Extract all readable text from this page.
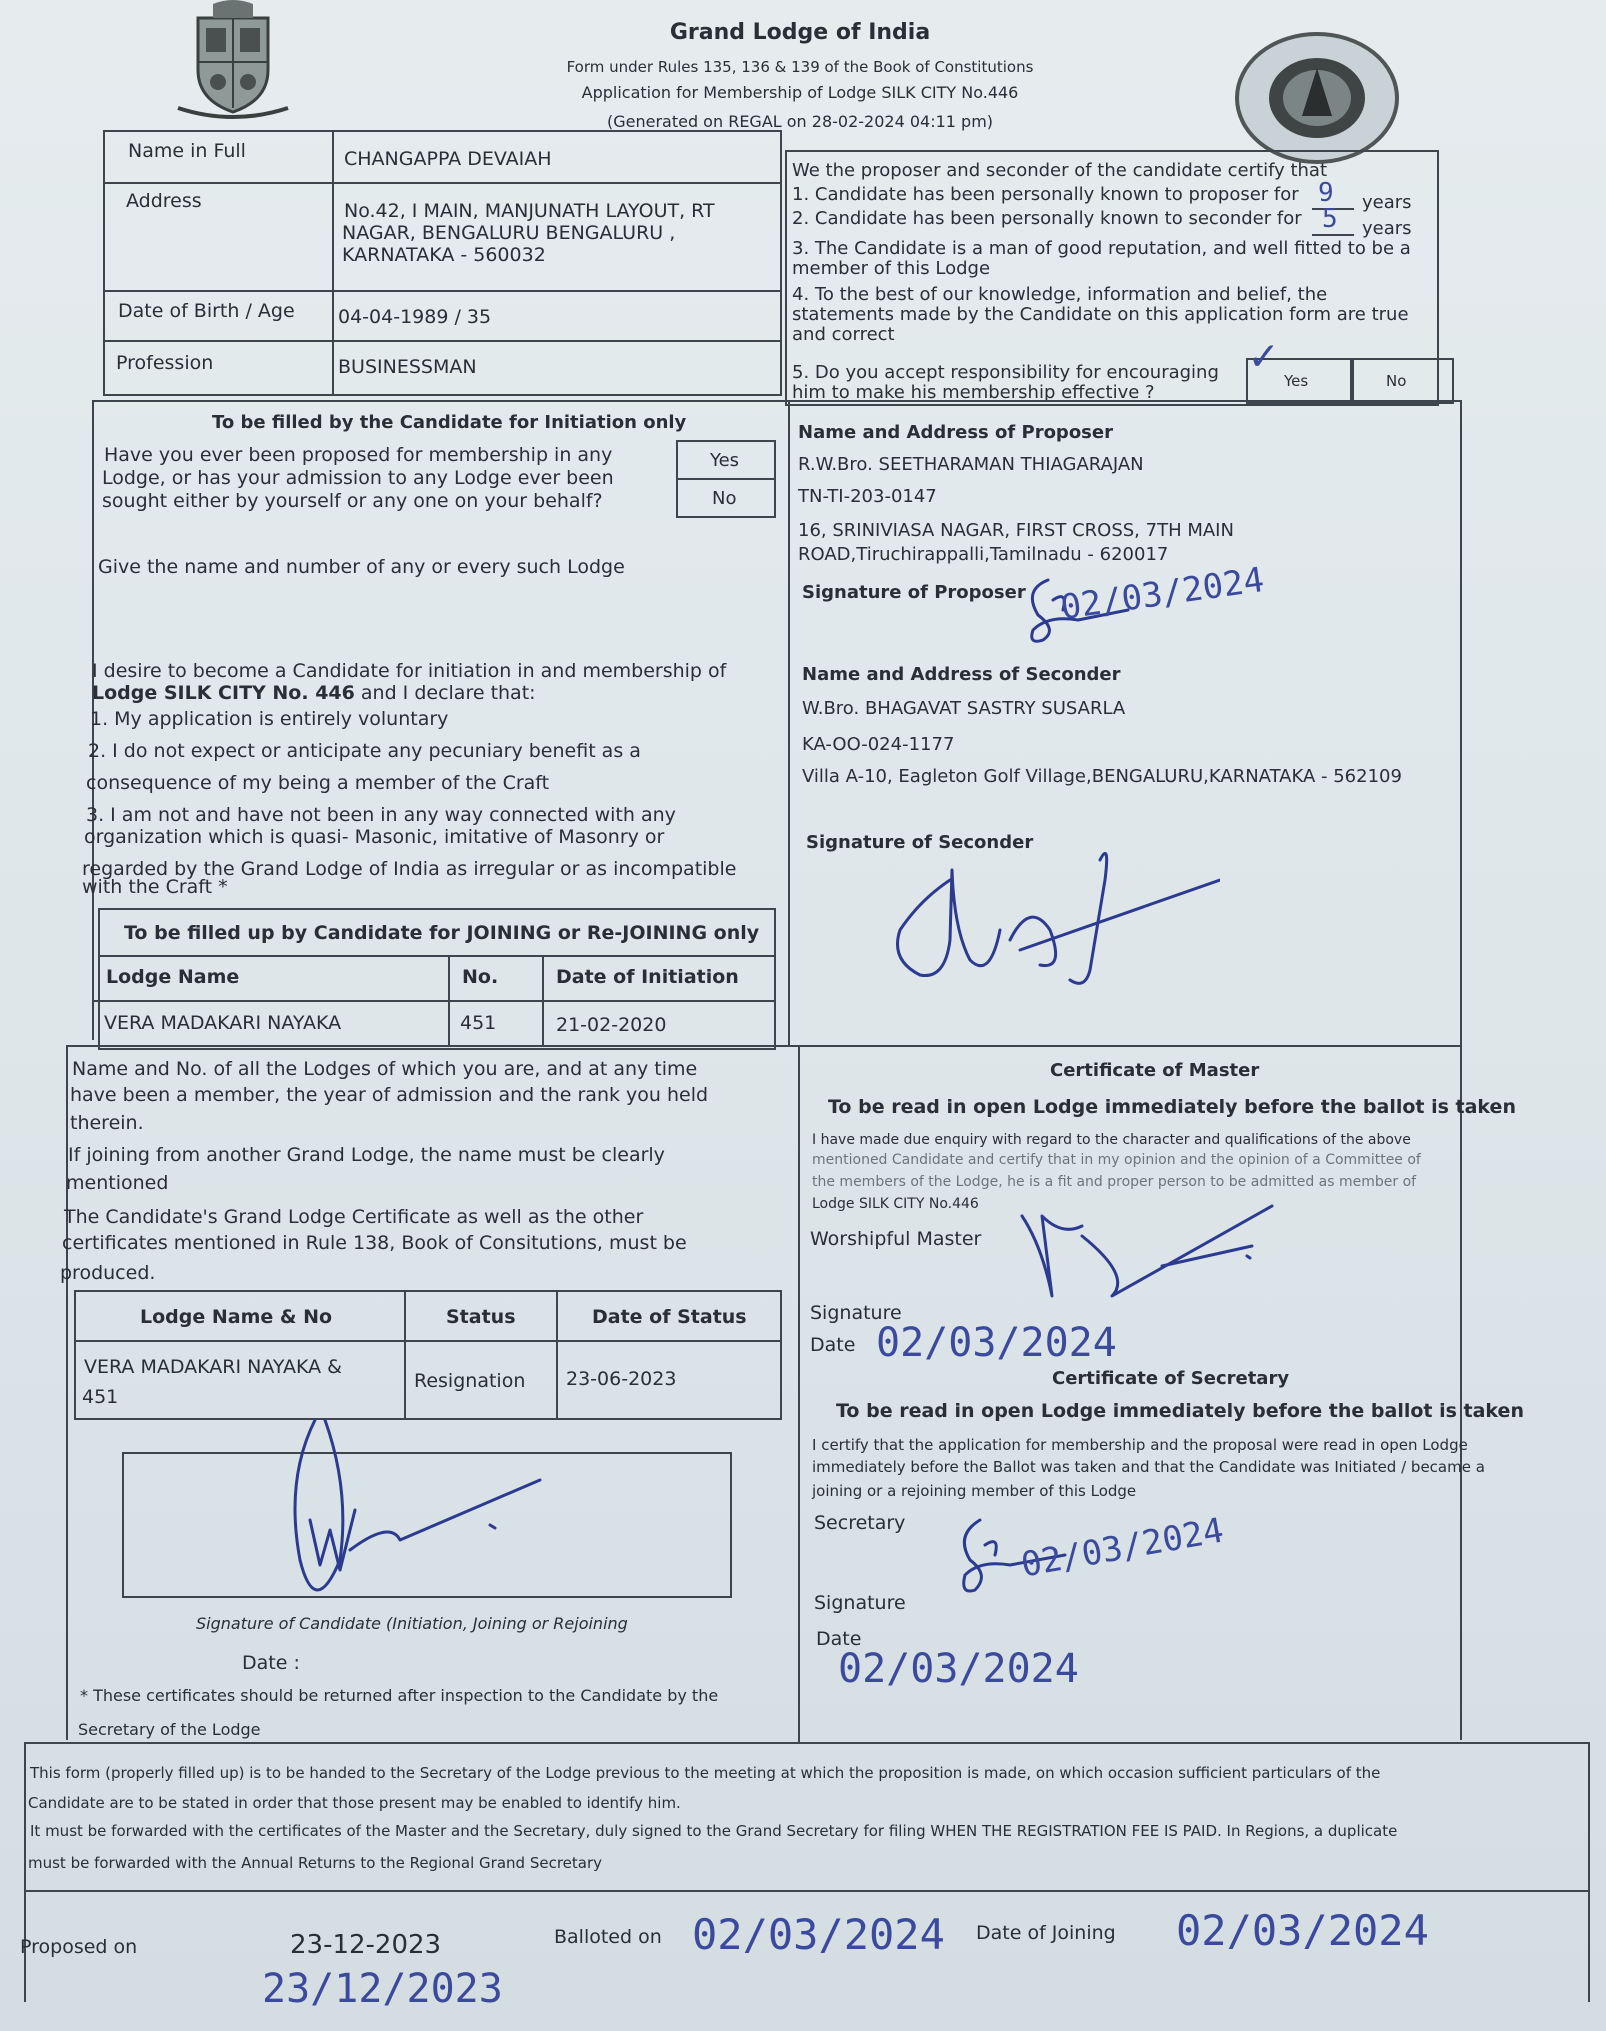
Grand Lodge of India
Form under Rules 135, 136 & 139 of the Book of Constitutions
Application for Membership of Lodge SILK CITY No.446
(Generated on REGAL on 28-02-2024 04:11 pm)
Name in Full	CHANGAPPA DEVAIAH
Address	No.42, I MAIN, MANJUNATH LAYOUT, RT
NAGAR, BENGALURU BENGALURU ,
KARNATAKA - 560032
Date of Birth / Age 04-04-1989 / 35
Profession	BUSINESSMAN
We the proposer and seconder of the candidate certify that
1. Candidate has been personally known to proposer for 9 years
2. Candidate has been personally known to seconder for 5 years
3. The Candidate is a man of good reputation, and well fitted to be a
member of this Lodge
4. To the best of our knowledge, information and belief, the
statements made by the Candidate on this application form are true
and correct
5. Do you accept responsibility for encouraging
him to make his membership effective ?
✓ Yes	No
To be filled by the Candidate for Initiation only
Have you ever been proposed for membership in any
Lodge, or has your admission to any Lodge ever been
sought either by yourself or any one on your behalf?
Yes
No
Give the name and number of any or every such Lodge
Name and Address of Proposer
R.W.Bro. SEETHARAMAN THIAGARAJAN
TN-TI-203-0147
16, SRINIVIASA NAGAR, FIRST CROSS, 7TH MAIN
ROAD,Tiruchirappalli,Tamilnadu - 620017
Signature of Proposer 02/03/2024
I desire to become a Candidate for initiation in and membership of
Lodge SILK CITY No. 446 and I declare that:
1. My application is entirely voluntary
2. I do not expect or anticipate any pecuniary benefit as a
consequence of my being a member of the Craft
3. I am not and have not been in any way connected with any
organization which is quasi- Masonic, imitative of Masonry or
regarded by the Grand Lodge of India as irregular or as incompatible
with the Craft *
Name and Address of Seconder
W.Bro. BHAGAVAT SASTRY SUSARLA
KA-OO-024-1177
Villa A-10, Eagleton Golf Village,BENGALURU,KARNATAKA - 562109
Signature of Seconder
To be filled up by Candidate for JOINING or Re-JOINING only
Lodge Name	No.	Date of Initiation
VERA MADAKARI NAYAKA	451	21-02-2020
Name and No. of all the Lodges of which you are, and at any time
have been a member, the year of admission and the rank you held
therein.
If joining from another Grand Lodge, the name must be clearly
mentioned
The Candidate's Grand Lodge Certificate as well as the other
certificates mentioned in Rule 138, Book of Consitutions, must be
produced.
Lodge Name & No	Status	Date of Status
VERA MADAKARI NAYAKA &
451
Resignation 23-06-2023
Signature of Candidate (Initiation, Joining or Rejoining
Date :
* These certificates should be returned after inspection to the Candidate by the
Secretary of the Lodge
Certificate of Master
To be read in open Lodge immediately before the ballot is taken
I have made due enquiry with regard to the character and qualifications of the above
mentioned Candidate and certify that in my opinion and the opinion of a Committee of
the members of the Lodge, he is a fit and proper person to be admitted as member of
Lodge SILK CITY No.446
Worshipful Master
Signature
Date 02/03/2024
Certificate of Secretary
To be read in open Lodge immediately before the ballot is taken
I certify that the application for membership and the proposal were read in open Lodge
immediately before the Ballot was taken and that the Candidate was Initiated / became a
joining or a rejoining member of this Lodge
Secretary	02/03/2024
Signature
Date
02/03/2024
This form (properly filled up) is to be handed to the Secretary of the Lodge previous to the meeting at which the proposition is made, on which occasion sufficient particulars of the
Candidate are to be stated in order that those present may be enabled to identify him.
It must be forwarded with the certificates of the Master and the Secretary, duly signed to the Grand Secretary for filing WHEN THE REGISTRATION FEE IS PAID. In Regions, a duplicate
must be forwarded with the Annual Returns to the Regional Grand Secretary
Proposed on	23-12-2023
23/12/2023
Balloted on 02/03/2024 Date of Joining 02/03/2024
